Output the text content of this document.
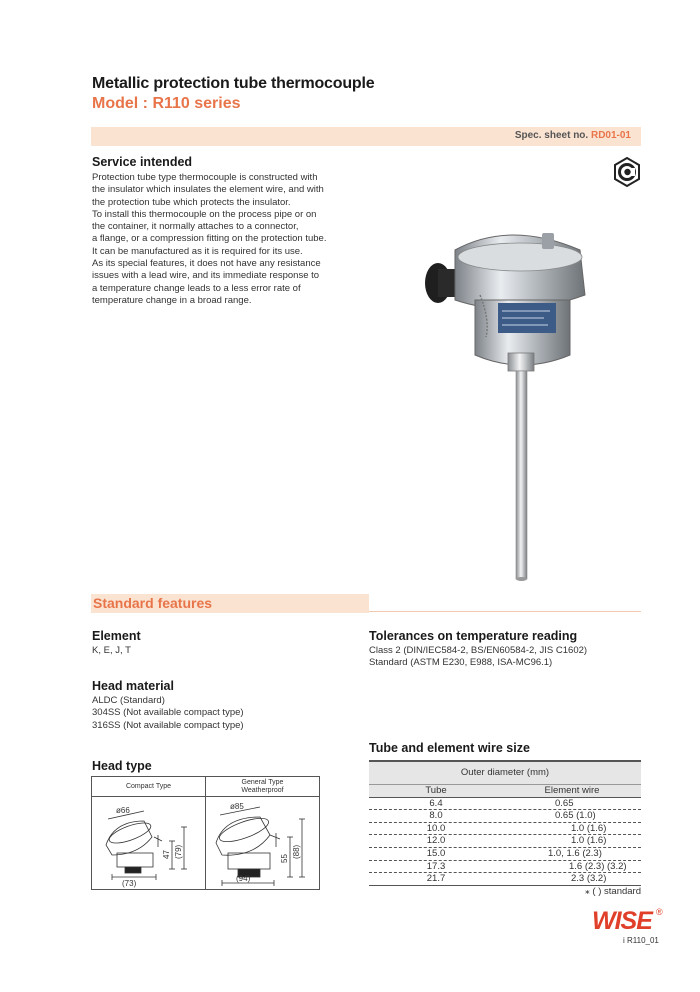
Metallic protection tube thermocouple
Model : R110 series
Spec. sheet no. RD01-01
Service intended
Protection tube type thermocouple is constructed with
the insulator which insulates the element wire, and with
the protection tube which protects the insulator.
To install this thermocouple on the process pipe or on
the container, it normally attaches to a connector,
a flange, or a compression fitting on the protection tube.
It can be manufactured as it is required for its use.
As its special features, it does not have any resistance
issues with a lead wire, and its immediate response to
a temperature change leads to a less error rate of
temperature change in a broad range.
Standard features
Element
K, E, J, T
Tolerances on temperature reading
Class 2 (DIN/IEC584-2, BS/EN60584-2, JIS C1602)
Standard (ASTM E230, E988, ISA-MC96.1)
Head material
ALDC (Standard)
304SS (Not available compact type)
316SS (Not available compact type)
Tube and element wire size
Head type
Compact Type
ø66
(73)
47 (79)
General Type
Weatherproof
ø85
(94)
55 (88)
Outer diameter (mm)
Tube	Element wire
6.4	0.65
8.0	0.65 (1.0)
10.0	1.0 (1.6)
12.0	1.0 (1.6)
15.0	1.0, 1.6 (2.3)
17.3	1.6 (2.3) (3.2)
21.7	2.3 (3.2)
⁎ ( ) standard
WISE ®
i R110_01
